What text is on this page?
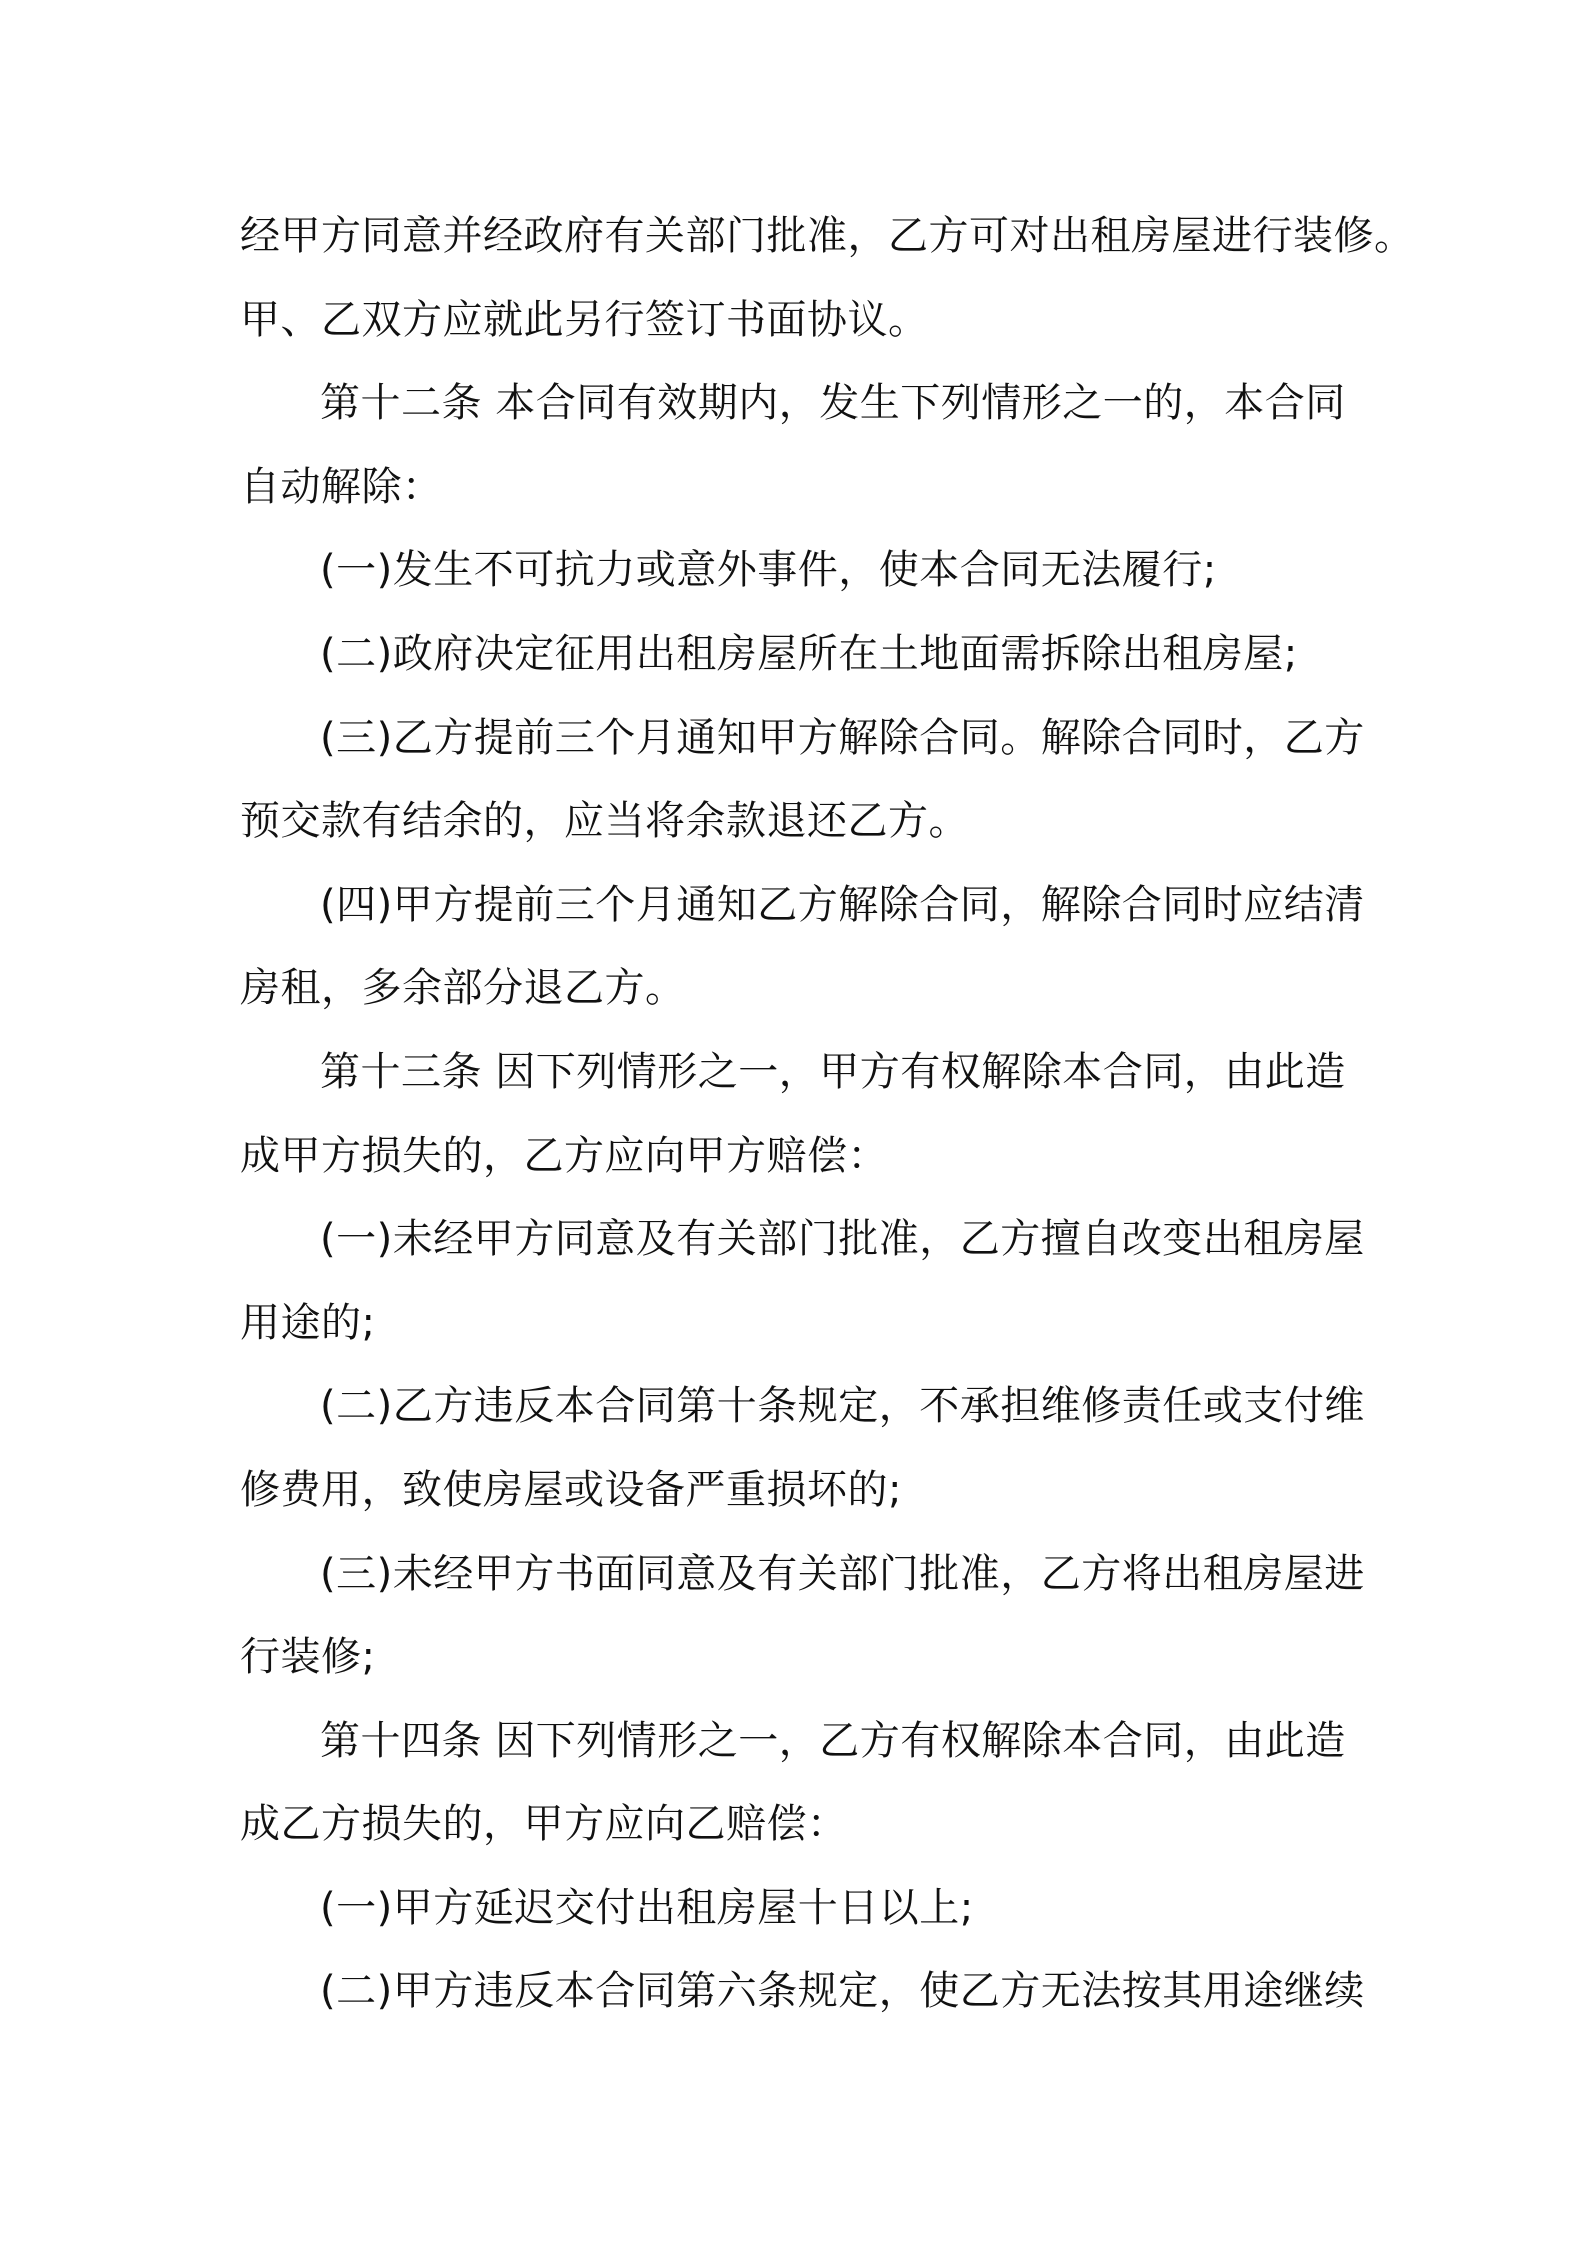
经甲方同意并经政府有关部门批准，乙方可对出租房屋进行装修。
甲、乙双方应就此另行签订书面协议。
第十二条 本合同有效期内，发生下列情形之一的，本合同
自动解除：
(一)发生不可抗力或意外事件，使本合同无法履行;
(二)政府决定征用出租房屋所在土地面需拆除出租房屋;
(三)乙方提前三个月通知甲方解除合同。解除合同时，乙方
预交款有结余的，应当将余款退还乙方。
(四)甲方提前三个月通知乙方解除合同，解除合同时应结清
房租，多余部分退乙方。
第十三条 因下列情形之一，甲方有权解除本合同，由此造
成甲方损失的，乙方应向甲方赔偿：
(一)未经甲方同意及有关部门批准，乙方擅自改变出租房屋
用途的;
(二)乙方违反本合同第十条规定，不承担维修责任或支付维
修费用，致使房屋或设备严重损坏的;
(三)未经甲方书面同意及有关部门批准，乙方将出租房屋进
行装修;
第十四条 因下列情形之一，乙方有权解除本合同，由此造
成乙方损失的，甲方应向乙赔偿：
(一)甲方延迟交付出租房屋十日以上;
(二)甲方违反本合同第六条规定，使乙方无法按其用途继续
